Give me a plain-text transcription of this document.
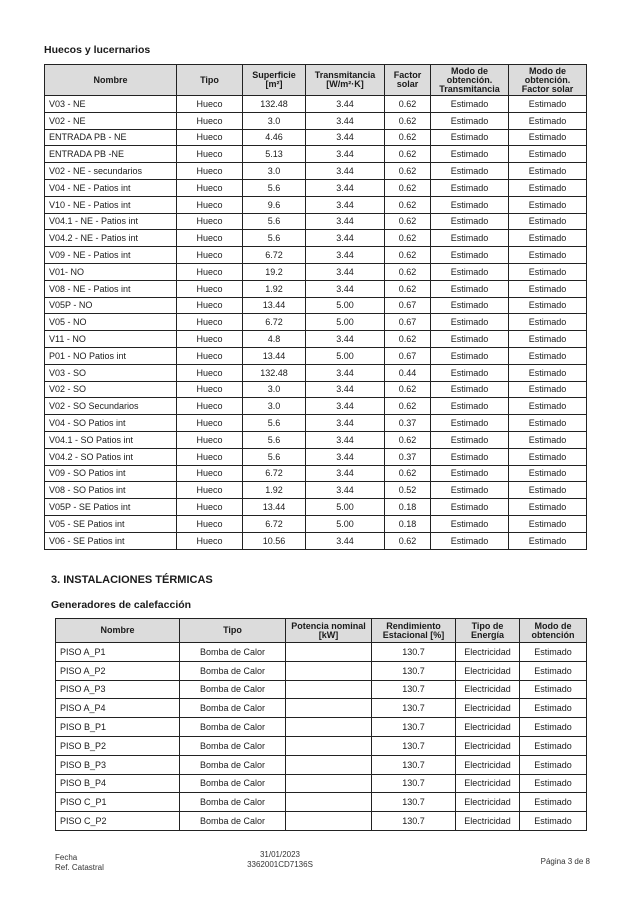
Huecos y lucernarios
Nombre	Tipo	Superficie [m²]	Transmitancia [W/m²·K]	Factor solar	Modo de obtención. Transmitancia	Modo de obtención. Factor solar
V03 - NE	Hueco	132.48	3.44	0.62	Estimado	Estimado
V02 - NE	Hueco	3.0	3.44	0.62	Estimado	Estimado
ENTRADA PB - NE	Hueco	4.46	3.44	0.62	Estimado	Estimado
ENTRADA PB -NE	Hueco	5.13	3.44	0.62	Estimado	Estimado
V02 - NE - secundarios	Hueco	3.0	3.44	0.62	Estimado	Estimado
V04 - NE - Patios int	Hueco	5.6	3.44	0.62	Estimado	Estimado
V10 - NE - Patios int	Hueco	9.6	3.44	0.62	Estimado	Estimado
V04.1 - NE - Patios int	Hueco	5.6	3.44	0.62	Estimado	Estimado
V04.2 - NE - Patios int	Hueco	5.6	3.44	0.62	Estimado	Estimado
V09 - NE - Patios int	Hueco	6.72	3.44	0.62	Estimado	Estimado
V01- NO	Hueco	19.2	3.44	0.62	Estimado	Estimado
V08 - NE - Patios int	Hueco	1.92	3.44	0.62	Estimado	Estimado
V05P - NO	Hueco	13.44	5.00	0.67	Estimado	Estimado
V05 - NO	Hueco	6.72	5.00	0.67	Estimado	Estimado
V11 - NO	Hueco	4.8	3.44	0.62	Estimado	Estimado
P01 - NO Patios int	Hueco	13.44	5.00	0.67	Estimado	Estimado
V03 - SO	Hueco	132.48	3.44	0.44	Estimado	Estimado
V02 - SO	Hueco	3.0	3.44	0.62	Estimado	Estimado
V02 - SO Secundarios	Hueco	3.0	3.44	0.62	Estimado	Estimado
V04 - SO Patios int	Hueco	5.6	3.44	0.37	Estimado	Estimado
V04.1 - SO Patios int	Hueco	5.6	3.44	0.62	Estimado	Estimado
V04.2 - SO Patios int	Hueco	5.6	3.44	0.37	Estimado	Estimado
V09 - SO Patios int	Hueco	6.72	3.44	0.62	Estimado	Estimado
V08 - SO Patios int	Hueco	1.92	3.44	0.52	Estimado	Estimado
V05P - SE Patios int	Hueco	13.44	5.00	0.18	Estimado	Estimado
V05 - SE Patios int	Hueco	6.72	5.00	0.18	Estimado	Estimado
V06 - SE Patios int	Hueco	10.56	3.44	0.62	Estimado	Estimado
3. INSTALACIONES TÉRMICAS
Generadores de calefacción
Nombre	Tipo	Potencia nominal [kW]	Rendimiento Estacional [%]	Tipo de Energía	Modo de obtención
PISO A_P1	Bomba de Calor		130.7	Electricidad	Estimado
PISO A_P2	Bomba de Calor		130.7	Electricidad	Estimado
PISO A_P3	Bomba de Calor		130.7	Electricidad	Estimado
PISO A_P4	Bomba de Calor		130.7	Electricidad	Estimado
PISO B_P1	Bomba de Calor		130.7	Electricidad	Estimado
PISO B_P2	Bomba de Calor		130.7	Electricidad	Estimado
PISO B_P3	Bomba de Calor		130.7	Electricidad	Estimado
PISO B_P4	Bomba de Calor		130.7	Electricidad	Estimado
PISO C_P1	Bomba de Calor		130.7	Electricidad	Estimado
PISO C_P2	Bomba de Calor		130.7	Electricidad	Estimado
Fecha
Ref. Catastral
31/01/2023
3362001CD7136S	Página 3 de 8
